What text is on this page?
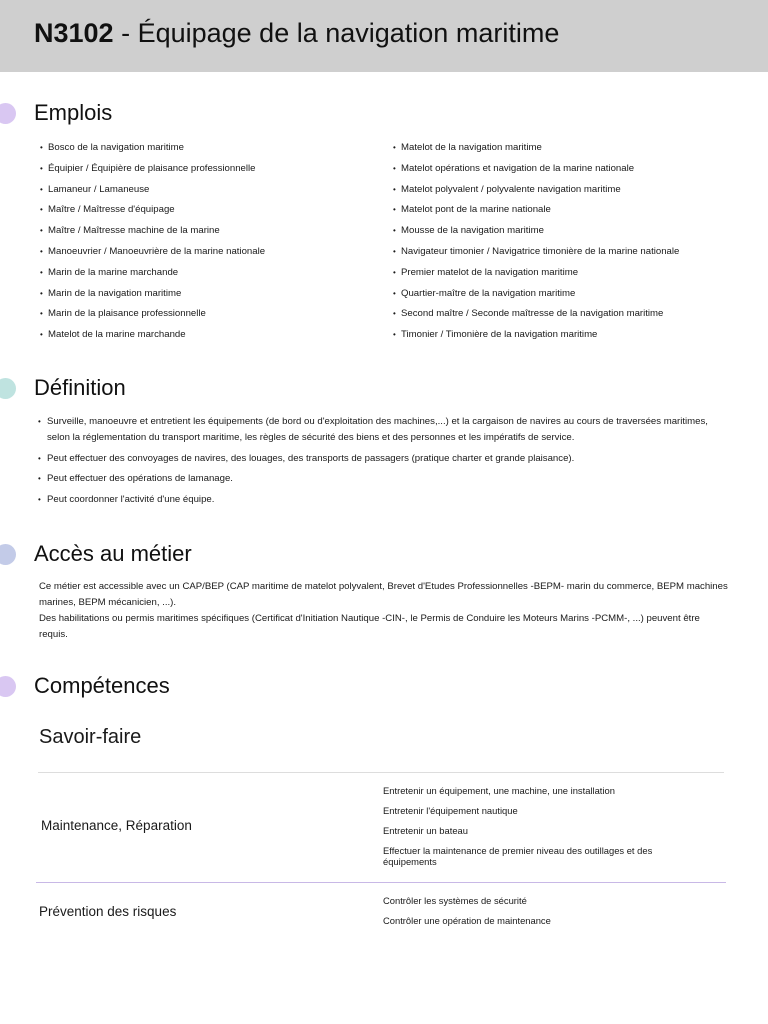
N3102 - Équipage de la navigation maritime
Emplois
• Bosco de la navigation maritime
• Équipier / Équipière de plaisance professionnelle
• Lamaneur / Lamaneuse
• Maître / Maîtresse d'équipage
• Maître / Maîtresse machine de la marine
• Manoeuvrier / Manoeuvrière de la marine nationale
• Marin de la marine marchande
• Marin de la navigation maritime
• Marin de la plaisance professionnelle
• Matelot de la marine marchande
• Matelot de la navigation maritime
• Matelot opérations et navigation de la marine nationale
• Matelot polyvalent / polyvalente navigation maritime
• Matelot pont de la marine nationale
• Mousse de la navigation maritime
• Navigateur timonier / Navigatrice timonière de la marine nationale
• Premier matelot de la navigation maritime
• Quartier-maître de la navigation maritime
• Second maître / Seconde maîtresse de la navigation maritime
• Timonier / Timonière de la navigation maritime
Définition
• Surveille, manoeuvre et entretient les équipements (de bord ou d'exploitation des machines,...) et la cargaison de navires au cours de traversées maritimes, selon la réglementation du transport maritime, les règles de sécurité des biens et des personnes et les impératifs de service.
• Peut effectuer des convoyages de navires, des louages, des transports de passagers (pratique charter et grande plaisance).
• Peut effectuer des opérations de lamanage.
• Peut coordonner l'activité d'une équipe.
Accès au métier

Ce métier est accessible avec un CAP/BEP (CAP maritime de matelot polyvalent, Brevet d'Etudes Professionnelles -BEPM- marin du commerce, BEPM machines marines, BEPM mécanicien, ...).

Des habilitations ou permis maritimes spécifiques (Certificat d'Initiation Nautique -CIN-, le Permis de Conduire les Moteurs Marins -PCMM-, ...) peuvent être requis.

Compétences
Savoir-faire

Maintenance, Réparation

Entretenir un équipement, une machine, une installation

Entretenir l'équipement nautique

Entretenir un bateau

Effectuer la maintenance de premier niveau des outillages et des équipements

Prévention des risques

Contrôler les systèmes de sécurité

Contrôler une opération de maintenance
